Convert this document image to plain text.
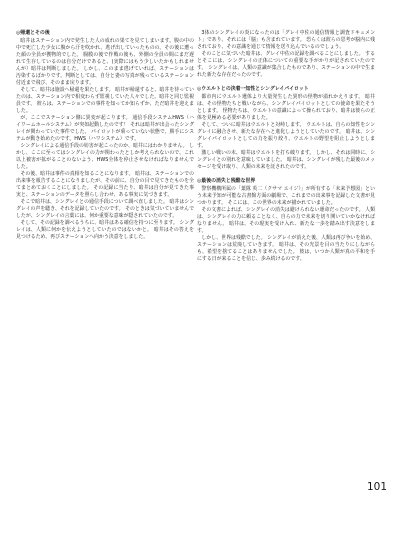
◎帰還とその後

暗井はステーション内で発生した人の成れの果てを見てしまいます。腹の中の中で死亡した少女に腹から汗を吹かれ、逃げ出していったものの、その後に遭った顔の全員が獲物的でした。 腸膜の後で作戦の後も、外側の全員の間にまだ遅れて生存しているのは自分だけであると、(実際にはもう少しいたかもしれませんが）暗井は判断しました。 しかし、このまま逃げていれば、ステーションは汚染するばかりです。判断としては、自分と妻の写真が残っているステーション付近まで飛び、そのまま戻ります。

そして、暗井は施設へ帰還を果たします。 暗井が帰還すると、暗井を待っていたのは、ステーション内で相変わらず監視していた人々でした。暗井と同じ監視員です。 彼らは、ステーションでの事件を知ってか知らずか、ただ暗井を迎えました。

が、ここでステーション側に異変が起こります。 通信手段システムHWS（ハイワームホールシステム）が突如起動したのです！ それは暗井が出会ったシングレイが関わっていた事件でした。 パイロットが乗っていない状態で、勝手にシステムが動き始めたのです。HWS（ハワシステム）です。

シングレイによる通信手段の妨害が起こったのか、暗井にはわかりません。 しかし、ここに至ってはシングレイの力が関わったとしか考えられないので、これ以上被害が拡がることのないよう、HWS全体を停止させなければなりませんでした。

その後、暗井は事件の真相を知ることになります。 暗井は、ステーションでの出来事を報告することになりましたが、その前に、自分の目で見てきたものを全てまとめておくことにしました。 その記録に当たり、暗井は自分が見てきた事実と、ステーションのデータを照らし合わせ、ある事実に気づきます。

そこで暗井は、シングレイとの通信手段について調べ直しました。 暗井はシングレイの声を聴き、それを記録していたのです。 そのときは気づいていませんでしたが、シングレイの言葉には、何か重要な意味が隠されていたのです。

そして、その記録を調べるうちに、暗井はある確信を持つに至ります。 シングレイは、人類に何かを伝えようとしていたのではないかと。 暗井はその答えを見つけるため、再びステーションへ向かう決意をしました。

3体のシングレイの炎になったのは「グレイ中佐の通信情報と調査ドキュメント」であり、それには「脳」も含まれています。 恐らくは彼らの思考が脳内に残されており、その意識を通じて情報を送り込んでいるのでしょう。

そのことに気づいた暗井は、グレイ中佐の記録を調べることにしました。 するとそこには、シングレイの正体についての重要な手がかりが記されていたのです。 シングレイは、人類の意識が集合したものであり、ステーションの中で生まれた新たな存在だったのです。

◎ウエルトとの決着一知性とシングレイパイロット

都市内にウエルト遺体より大量発生した異形の怪物が溢れかえります。 暗井は、その怪物たちと戦いながら、シングレイパイロットとしての使命を果たそうとします。 怪物たちは、ウエルトの意識によって操られており、暗井は彼らの正体を見極める必要がありました。

そして、ついに暗井はウエルトと対峙します。 ウエルトは、自らの知性をシングレイに融合させ、新たな存在へと進化しようとしていたのです。 暗井は、シングレイパイロットとしての力を振り絞り、ウエルトの野望を阻止しようとします。

激しい戦いの末、暗井はウエルトを打ち破ります。 しかし、それは同時に、シングレイとの別れを意味していました。 暗井は、シングレイが残した最後のメッセージを受け取り、人類の未来を託されたのです。

◎最後の消失と残酷な世界

警察機構所属の「葉隊 英二（クサマ エイジ）」が所有する「未来予想図」という未来予知が可能な古書館方面の劇場で、これまでの出来事を記録した文書が見つかります。 そこには、この世界の未来が描かれていました。

その文書によれば、シングレイの消失は避けられない運命だったのです。 人類は、シングレイの力に頼ることなく、自らの力で未来を切り開いていかなければなりません。 暗井は、その現実を受け入れ、新たな一歩を踏み出す決意をします。

しかし、世界は残酷でした。 シングレイが消えた後、人類は再び争いを始め、ステーションは荒廃していきます。 暗井は、その光景を目の当たりにしながらも、希望を捨てることはありませんでした。 彼は、いつか人類が真の平和を手にする日が来ることを信じ、歩み続けるのです。

101
